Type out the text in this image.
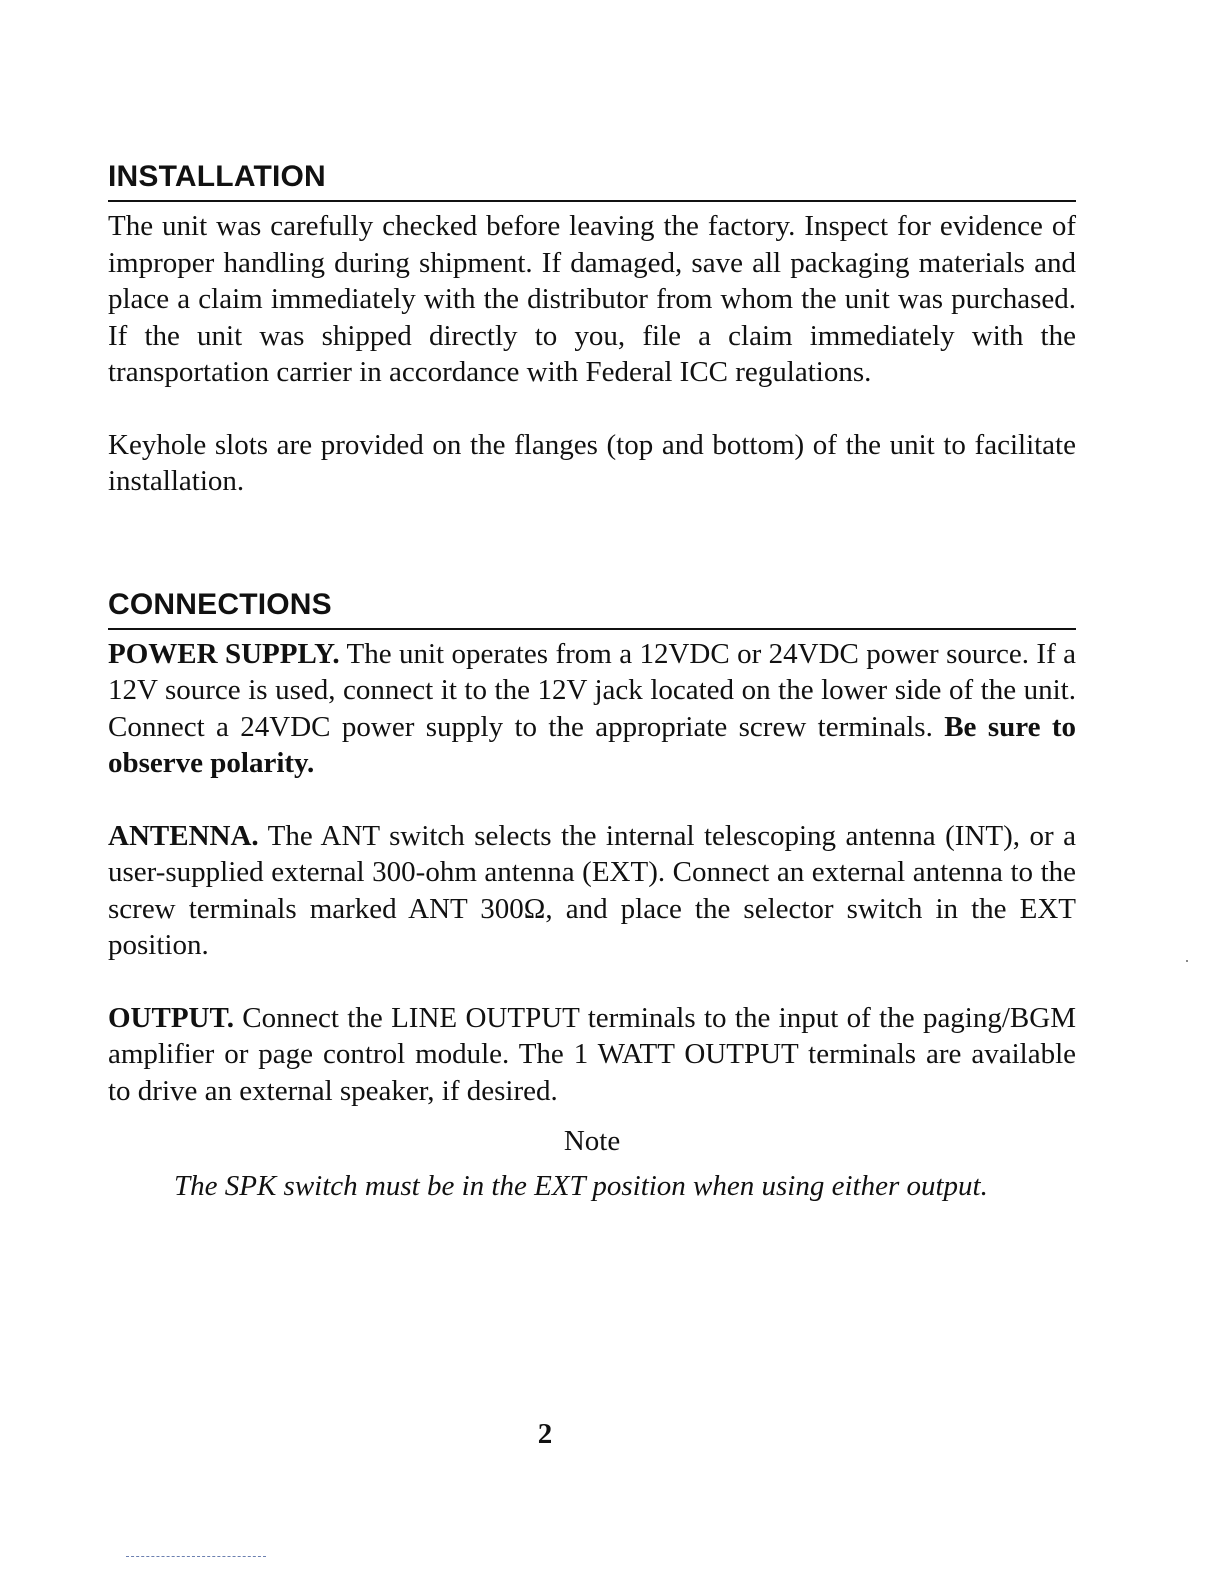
INSTALLATION

The unit was carefully checked before leaving the factory. Inspect for evidence of improper handling during shipment. If damaged, save all packaging materials and place a claim immediately with the distributor from whom the unit was purchased. If the unit was shipped directly to you, file a claim immediately with the transportation carrier in accordance with Federal ICC regulations.

Keyhole slots are provided on the flanges (top and bottom) of the unit to facilitate installation.

CONNECTIONS

POWER SUPPLY. The unit operates from a 12VDC or 24VDC power source. If a 12V source is used, connect it to the 12V jack located on the lower side of the unit. Connect a 24VDC power supply to the appropriate screw terminals. Be sure to observe polarity.

ANTENNA. The ANT switch selects the internal telescoping antenna (INT), or a user-supplied external 300-ohm antenna (EXT). Connect an external antenna to the screw terminals marked ANT 300Ω, and place the selector switch in the EXT position.

OUTPUT. Connect the LINE OUTPUT terminals to the input of the paging/BGM amplifier or page control module. The 1 WATT OUTPUT terminals are available to drive an external speaker, if desired.

Note
The SPK switch must be in the EXT position when using either output.
2
